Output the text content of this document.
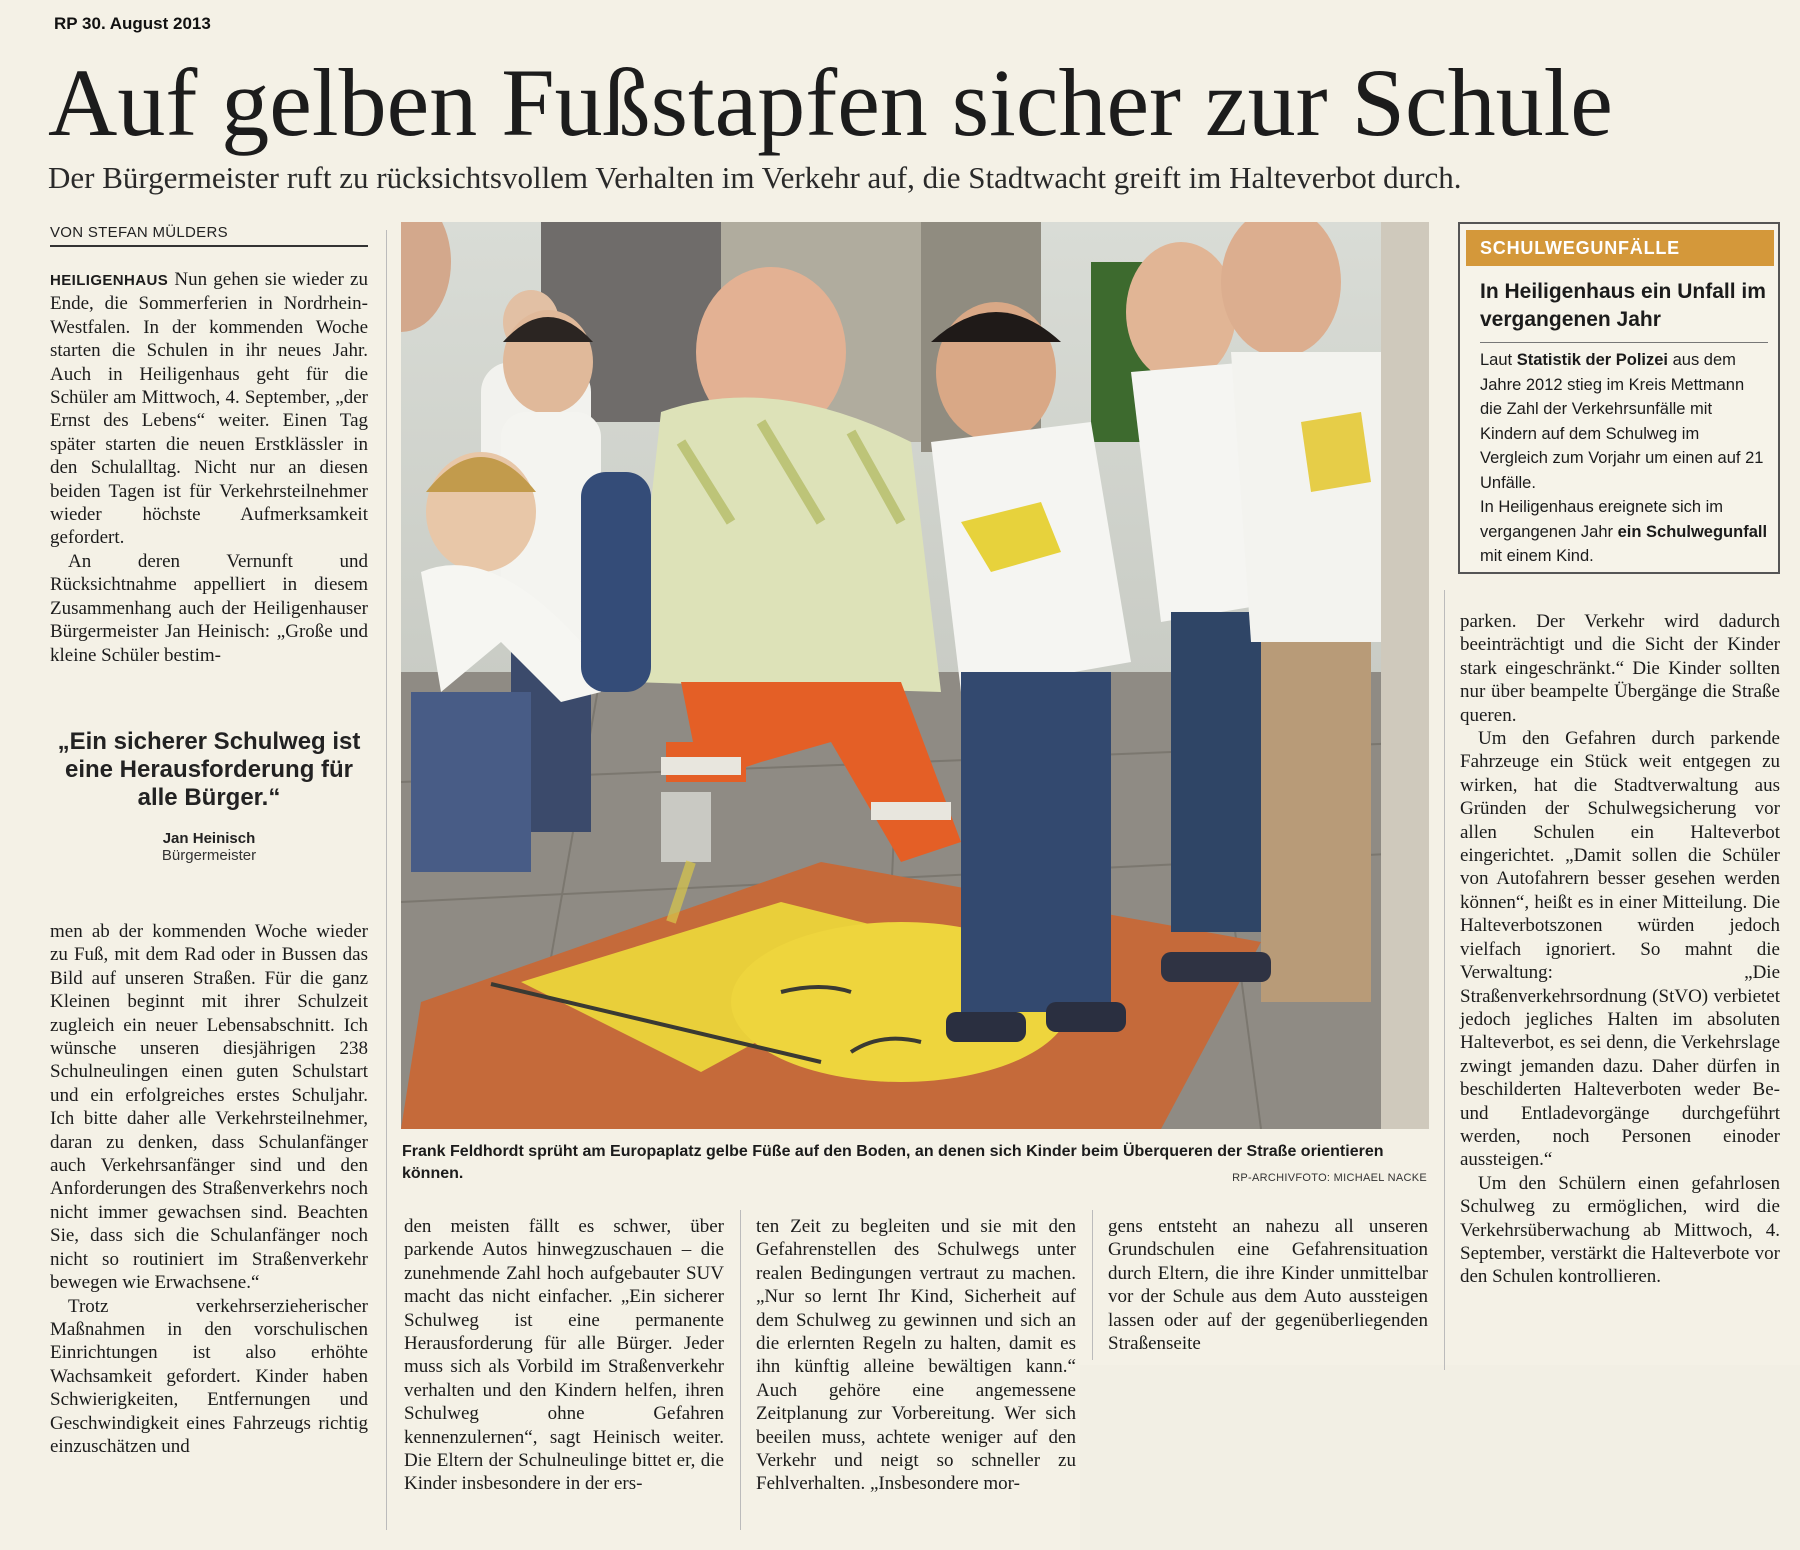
RP 30. August 2013
Auf gelben Fußstapfen sicher zur Schule
Der Bürgermeister ruft zu rücksichtsvollem Verhalten im Verkehr auf, die Stadtwacht greift im Halteverbot durch.
VON STEFAN MÜLDERS

HEILIGENHAUS Nun gehen sie wieder zu Ende, die Sommerferien in Nordrhein-Westfalen. In der kommenden Woche starten die Schulen in ihr neues Jahr. Auch in Heiligenhaus geht für die Schüler am Mittwoch, 4. September, „der Ernst des Lebens“ weiter. Einen Tag später starten die neuen Erstklässler in den Schulalltag. Nicht nur an diesen beiden Tagen ist für Verkehrsteilnehmer wieder höchste Aufmerksamkeit gefordert.

An deren Vernunft und Rücksichtnahme appelliert in diesem Zusammenhang auch der Heiligenhauser Bürgermeister Jan Heinisch: „Große und kleine Schüler bestim-

„Ein sicherer Schulweg ist eine Herausforderung für alle Bürger.“
Jan Heinisch
Bürgermeister

men ab der kommenden Woche wieder zu Fuß, mit dem Rad oder in Bussen das Bild auf unseren Straßen. Für die ganz Kleinen beginnt mit ihrer Schulzeit zugleich ein neuer Lebensabschnitt. Ich wünsche unseren diesjährigen 238 Schulneulingen einen guten Schulstart und ein erfolgreiches erstes Schuljahr. Ich bitte daher alle Verkehrsteilnehmer, daran zu denken, dass Schulanfänger auch Verkehrsanfänger sind und den Anforderungen des Straßenverkehrs noch nicht immer gewachsen sind. Beachten Sie, dass sich die Schulanfänger noch nicht so routiniert im Straßenverkehr bewegen wie Erwachsene.“

Trotz verkehrserzieherischer Maßnahmen in den vorschulischen Einrichtungen ist also erhöhte Wachsamkeit gefordert. Kinder haben Schwierigkeiten, Entfernungen und Geschwindigkeit eines Fahrzeugs richtig einzuschätzen und

Frank Feldhordt sprüht am Europaplatz gelbe Füße auf den Boden, an denen sich Kinder beim Überqueren der Straße orientieren können.	RP-ARCHIVFOTO: MICHAEL NACKE

den meisten fällt es schwer, über parkende Autos hinwegzuschauen – die zunehmende Zahl hoch aufgebauter SUV macht das nicht einfacher. „Ein sicherer Schulweg ist eine permanente Herausforderung für alle Bürger. Jeder muss sich als Vorbild im Straßenverkehr verhalten und den Kindern helfen, ihren Schulweg ohne Gefahren kennenzulernen“, sagt Heinisch weiter. Die Eltern der Schulneulinge bittet er, die Kinder insbesondere in der ers-

ten Zeit zu begleiten und sie mit den Gefahrenstellen des Schulwegs unter realen Bedingungen vertraut zu machen. „Nur so lernt Ihr Kind, Sicherheit auf dem Schulweg zu gewinnen und sich an die erlernten Regeln zu halten, damit es ihn künftig alleine bewältigen kann.“ Auch gehöre eine angemessene Zeitplanung zur Vorbereitung. Wer sich beeilen muss, achtete weniger auf den Verkehr und neigt so schneller zu Fehlverhalten. „Insbesondere mor-

gens entsteht an nahezu all unseren Grundschulen eine Gefahrensituation durch Eltern, die ihre Kinder unmittelbar vor der Schule aus dem Auto aussteigen lassen oder auf der gegenüberliegenden Straßenseite

SCHULWEGUNFÄLLE
In Heiligenhaus ein Unfall im vergangenen Jahr

Laut Statistik der Polizei aus dem Jahre 2012 stieg im Kreis Mettmann die Zahl der Verkehrsunfälle mit Kindern auf dem Schulweg im Vergleich zum Vorjahr um einen auf 21 Unfälle.

In Heiligenhaus ereignete sich im vergangenen Jahr ein Schulwegunfall mit einem Kind.

parken. Der Verkehr wird dadurch beeinträchtigt und die Sicht der Kinder stark eingeschränkt.“ Die Kinder sollten nur über beampelte Übergänge die Straße queren.

Um den Gefahren durch parkende Fahrzeuge ein Stück weit entgegen zu wirken, hat die Stadtverwaltung aus Gründen der Schulwegsicherung vor allen Schulen ein Halteverbot eingerichtet. „Damit sollen die Schüler von Autofahrern besser gesehen werden können“, heißt es in einer Mitteilung. Die Halteverbotszonen würden jedoch vielfach ignoriert. So mahnt die Verwaltung: „Die Straßenverkehrsordnung (StVO) verbietet jedoch jegliches Halten im absoluten Halteverbot, es sei denn, die Verkehrslage zwingt jemanden dazu. Daher dürfen in beschilderten Halteverboten weder Be- und Entladevorgänge durchgeführt werden, noch Personen einoder aussteigen.“

Um den Schülern einen gefahrlosen Schulweg zu ermöglichen, wird die Verkehrsüberwachung ab Mittwoch, 4. September, verstärkt die Halteverbote vor den Schulen kontrollieren.
